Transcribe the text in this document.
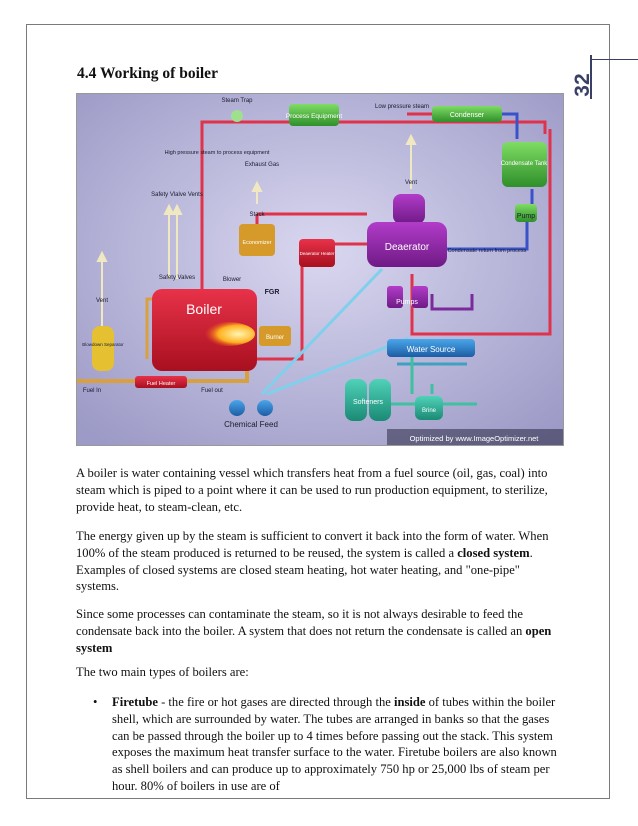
32
4.4 Working of boiler
Steam Trap
Process Equipment
Low pressure steam
Condenser
Condensate Tank
Pump
High pressure steam to process equipment
Exhaust Gas
Safety Vlalve Vents
Vent
Stack
Economizer
Deaerator Heater
Deaerator	Condensate return from process
Pumps
Safety Valves	Blower
Vent
FGR
Boiler
Burner
Blowdown Separator
Water Source
Fuel In
Fuel Heater
Fuel out
Softeners
Brine
Chemical Feed
Optimized by www.ImageOptimizer.net
A boiler is water containing vessel which transfers heat from a fuel source (oil, gas, coal) into steam which is piped to a point where it can be used to run production equipment, to sterilize, provide heat, to steam-clean, etc.
The energy given up by the steam is sufficient to convert it back into the form of water. When 100% of the steam produced is returned to be reused, the system is called a closed system. Examples of closed systems are closed steam heating, hot water heating, and "one-pipe" systems.
Since some processes can contaminate the steam, so it is not always desirable to feed the condensate back into the boiler. A system that does not return the condensate is called an open system
The two main types of boilers are:
• Firetube - the fire or hot gases are directed through the inside of tubes within the boiler shell, which are surrounded by water. The tubes are arranged in banks so that the gases can be passed through the boiler up to 4 times before passing out the stack. This system exposes the maximum heat transfer surface to the water. Firetube boilers are also known as shell boilers and can produce up to approximately 750 hp or 25,000 lbs of steam per hour. 80% of boilers in use are of
